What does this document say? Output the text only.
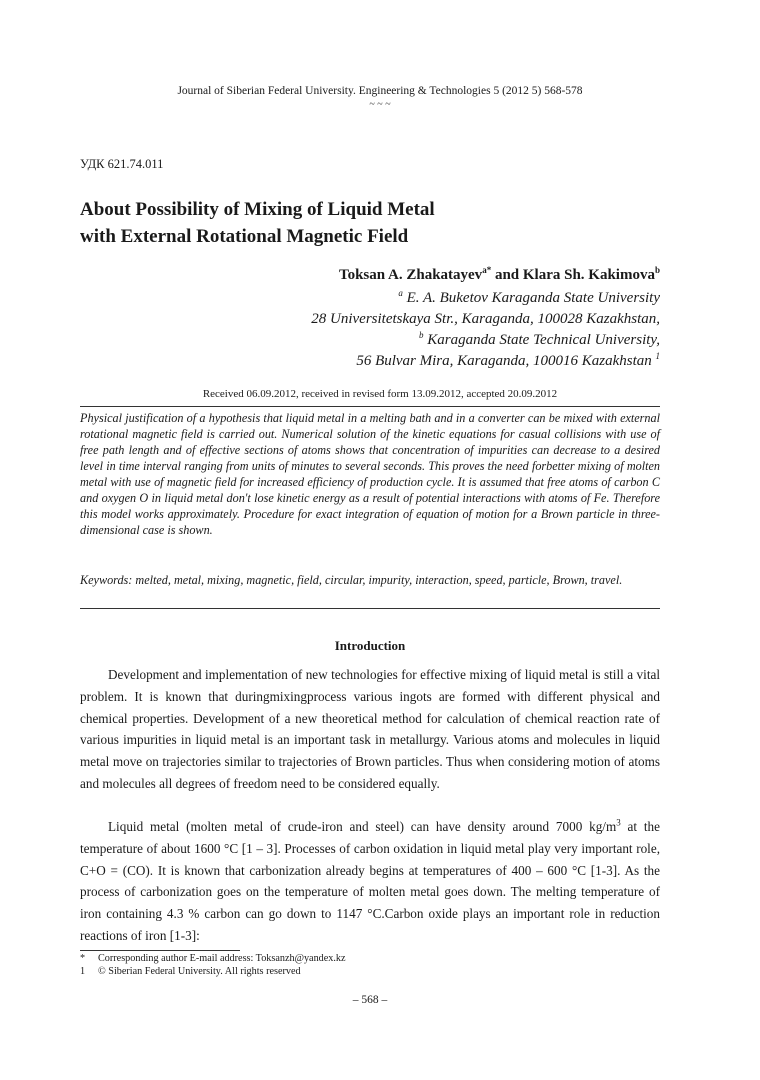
Journal of Siberian Federal University. Engineering & Technologies 5 (2012 5) 568-578
~ ~ ~
УДК 621.74.011
About Possibility of Mixing of Liquid Metal
with External Rotational Magnetic Field
Toksan A. Zhakatayev$^{a*}$ and Klara Sh. Kakimova$^b$
$^a$ E. A. Buketov Karaganda State University
28 Universitetskaya Str., Karaganda, 100028 Kazakhstan,
$^b$ Karaganda State Technical University,
56 Bulvar Mira, Karaganda, 100016 Kazakhstan $^1$
Received 06.09.2012, received in revised form 13.09.2012, accepted 20.09.2012

Physical justification of a hypothesis that liquid metal in a melting bath and in a converter can be mixed with external rotational magnetic field is carried out. Numerical solution of the kinetic equations for casual collisions with use of free path length and of effective sections of atoms shows that concentration of impurities can decrease to a desired level in time interval ranging from units of minutes to several seconds. This proves the need forbetter mixing of molten metal with use of magnetic field for increased efficiency of production cycle. It is assumed that free atoms of carbon C and oxygen O in liquid metal don't lose kinetic energy as a result of potential interactions with atoms of Fe. Therefore this model works approximately. Procedure for exact integration of equation of motion for a Brown particle in three-dimensional case is shown.

Keywords: melted, metal, mixing, magnetic, field, circular, impurity, interaction, speed, particle, Brown, travel.

Introduction

Development and implementation of new technologies for effective mixing of liquid metal is still a vital problem. It is known that duringmixingprocess various ingots are formed with different physical and chemical properties. Development of a new theoretical method for calculation of chemical reaction rate of various impurities in liquid metal is an important task in metallurgy. Various atoms and molecules in liquid metal move on trajectories similar to trajectories of Brown particles. Thus when considering motion of atoms and molecules all degrees of freedom need to be considered equally.

Liquid metal (molten metal of crude-iron and steel) can have density around 7000 $kg/m^3$ at the temperature of about 1600 °C [1 – 3]. Processes of carbon oxidation in liquid metal play very important role, C+O = (CO). It is known that carbonization already begins at temperatures of 400 – 600 °C [1-3]. As the process of carbonization goes on the temperature of molten metal goes down. The melting temperature of iron containing 4.3 % carbon can go down to 1147 °C.Carbon oxide plays an important role in reduction reactions of iron [1-3]:

*	Corresponding author E-mail address: Toksanzh@yandex.kz
1	© Siberian Federal University. All rights reserved
– 568 –
